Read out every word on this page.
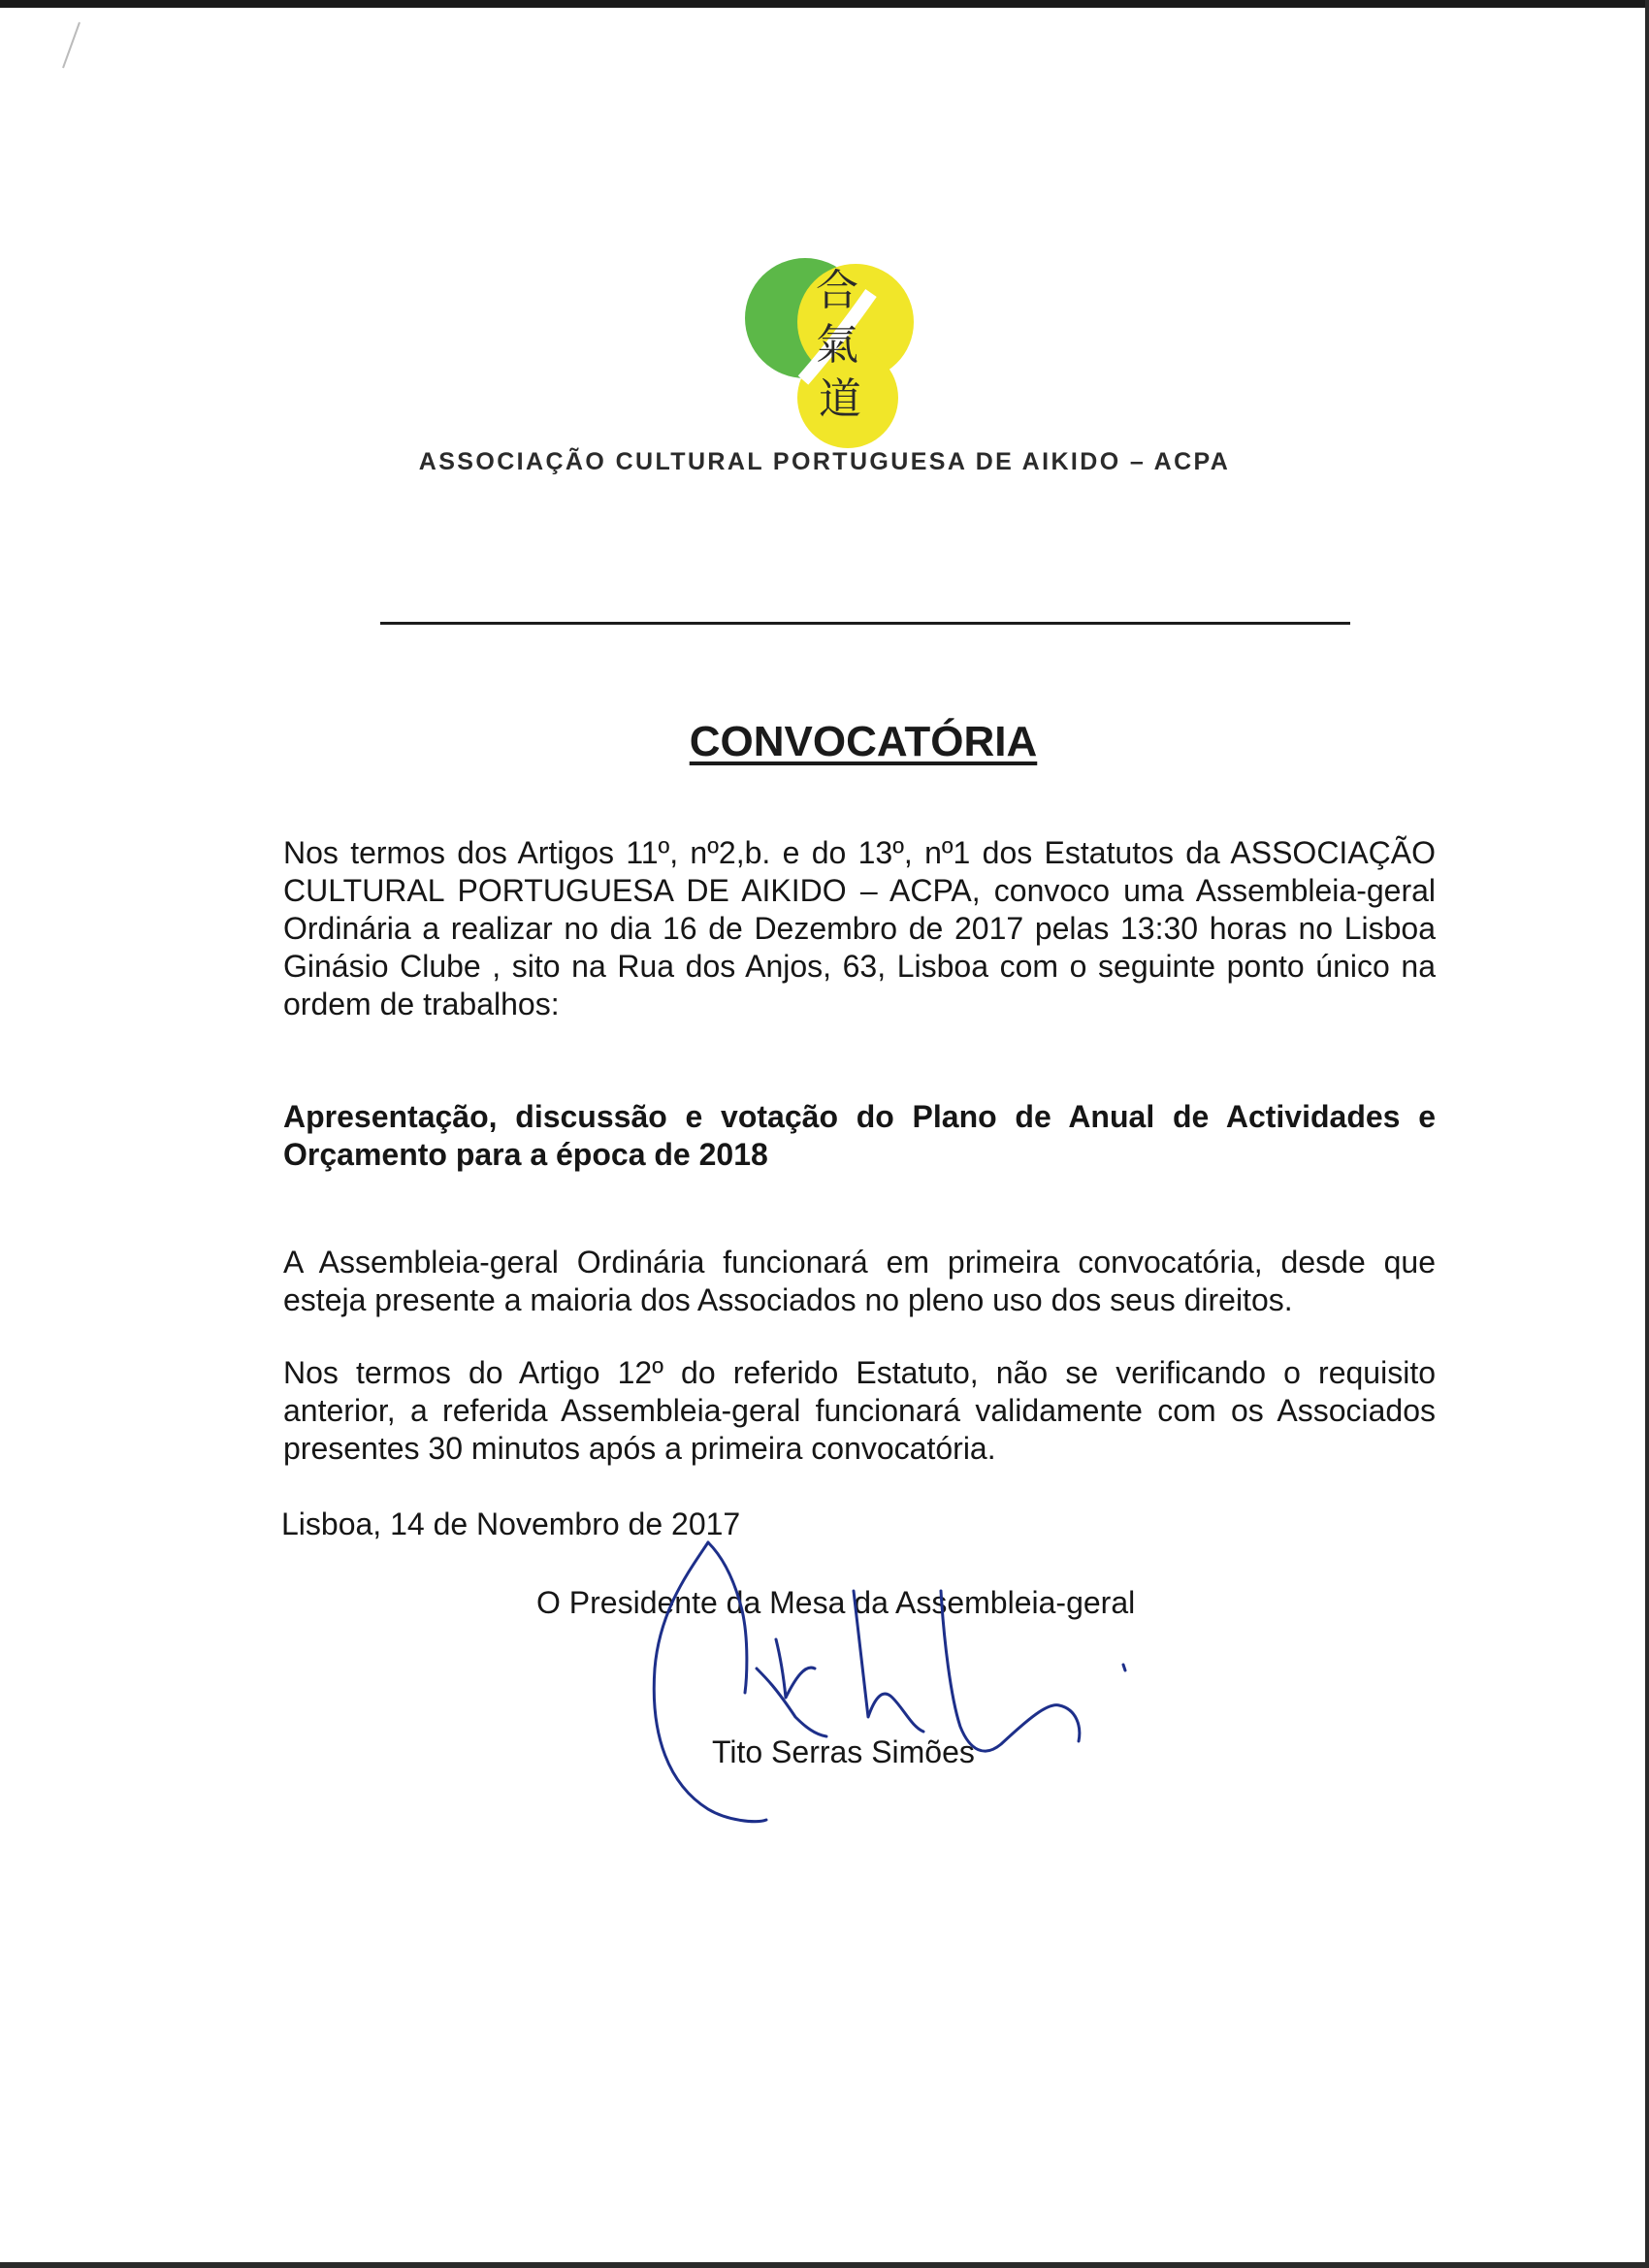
合
氣
道
ASSOCIAÇÃO CULTURAL PORTUGUESA DE AIKIDO – ACPA
CONVOCATÓRIA
Nos termos dos Artigos 11º, nº2,b. e do 13º, nº1 dos Estatutos da ASSOCIAÇÃO CULTURAL PORTUGUESA DE AIKIDO – ACPA, convoco uma Assembleia-geral Ordinária a realizar no dia 16 de Dezembro de 2017 pelas 13:30 horas no Lisboa Ginásio Clube , sito na Rua dos Anjos, 63, Lisboa com o seguinte ponto único na ordem de trabalhos:
Apresentação, discussão e votação do Plano de Anual de Actividades e Orçamento para a época de 2018
A Assembleia-geral Ordinária funcionará em primeira convocatória, desde que esteja presente a maioria dos Associados no pleno uso dos seus direitos.
Nos termos do Artigo 12º do referido Estatuto, não se verificando o requisito anterior, a referida Assembleia-geral funcionará validamente com os Associados presentes 30 minutos após a primeira convocatória.
Lisboa, 14 de Novembro de 2017
O Presidente da Mesa da Assembleia-geral
Tito Serras Simões
